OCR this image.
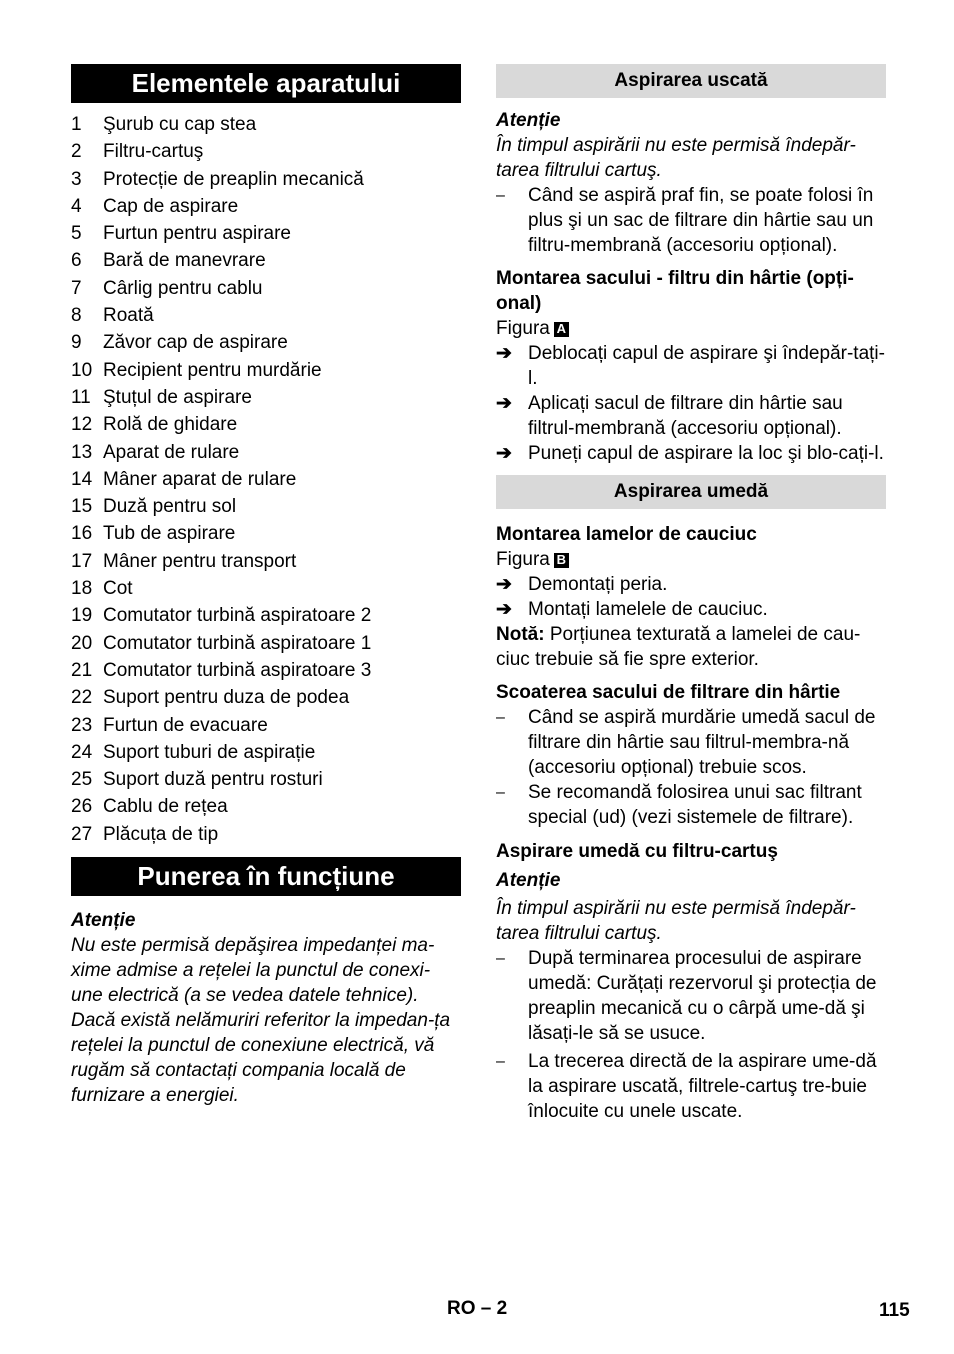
Elementele aparatului
1	Şurub cu cap stea
2	Filtru-cartuş
3	Protecție de preaplin mecanică
4	Cap de aspirare
5	Furtun pentru aspirare
6	Bară de manevrare
7	Cârlig pentru cablu
8	Roată
9	Zăvor cap de aspirare
10 Recipient pentru murdărie
11 Ştuțul de aspirare
12 Rolă de ghidare
13 Aparat de rulare
14 Mâner aparat de rulare
15 Duză pentru sol
16 Tub de aspirare
17 Mâner pentru transport
18 Cot
19 Comutator turbină aspiratoare 2
20 Comutator turbină aspiratoare 1
21 Comutator turbină aspiratoare 3
22 Suport pentru duza de podea
23 Furtun de evacuare
24 Suport tuburi de aspirație
25 Suport duză pentru rosturi
26 Cablu de rețea
27 Plăcuța de tip
Punerea în funcțiune

Atenție

Nu este permisă depăşirea impedanței ma-xime admise a rețelei la punctul de conexi-une electrică (a se vedea datele tehnice). Dacă există nelămuriri referitor la impedan-ța rețelei la punctul de conexiune electrică, vă rugăm să contactați compania locală de furnizare a energiei.

Aspirarea uscată

Atenție

În timpul aspirării nu este permisă îndepăr-tarea filtrului cartuş.

–	Când se aspiră praf fin, se poate folosi în plus şi un sac de filtrare din hârtie sau un filtru-membrană (accesoriu opțional).

Montarea sacului - filtru din hârtie (opți-onal)

Figura A

➔ Deblocați capul de aspirare şi îndepăr-tați-l.
➔ Aplicați sacul de filtrare din hârtie sau filtrul-membrană (accesoriu opțional).
➔ Puneți capul de aspirare la loc şi blo-cați-l.
Aspirarea umedă

Montarea lamelor de cauciuc

Figura B

➔ Demontați peria.
➔ Montați lamelele de cauciuc.

Notă: Porțiunea texturată a lamelei de cau-ciuc trebuie să fie spre exterior.

Scoaterea sacului de filtrare din hârtie

–	Când se aspiră murdărie umedă sacul de filtrare din hârtie sau filtrul-membra-nă (accesoriu opțional) trebuie scos.
–	Se recomandă folosirea unui sac filtrant special (ud) (vezi sistemele de filtrare).

Aspirare umedă cu filtru-cartuş

Atenție

În timpul aspirării nu este permisă îndepăr-tarea filtrului cartuş.

–	După terminarea procesului de aspirare umedă: Curățați rezervorul şi protecția de preaplin mecanică cu o cârpă ume-dă şi lăsați-le să se usuce.
–	La trecerea directă de la aspirare ume-dă la aspirare uscată, filtrele-cartuş tre-buie înlocuite cu unele uscate.
RO – 2	115
